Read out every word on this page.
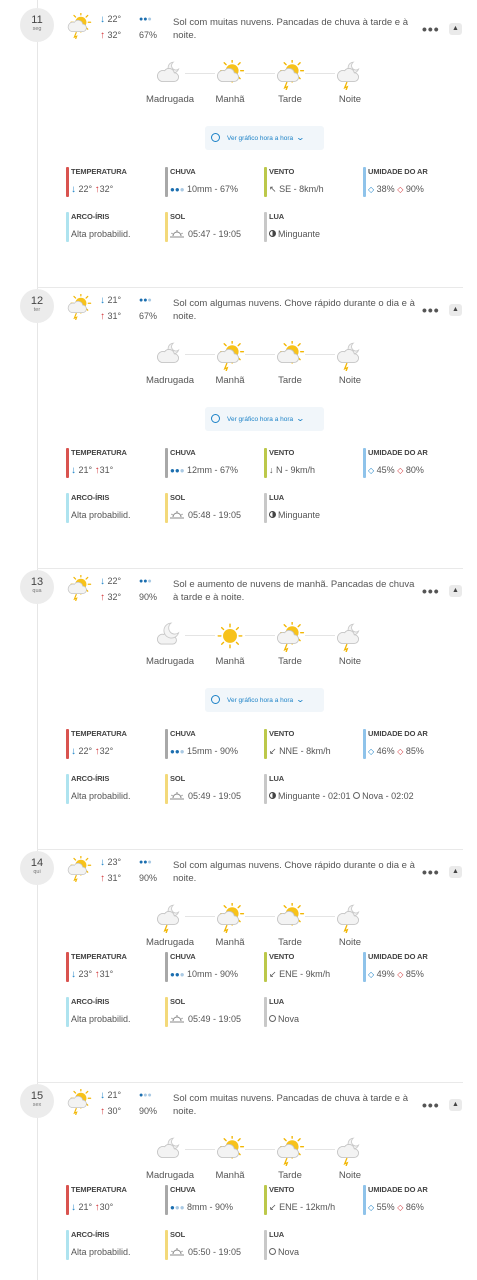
11
seg
↓ 22°
↑ 32°
●●●
67%
Sol com muitas nuvens. Pancadas de chuva à tarde e à noite.	•••	▲
Madrugada	Manhã	Tarde	Noite
Ver gráfico hora a hora ⌄
TEMPERATURA
↓ 22° ↑32°
CHUVA
●●● 10mm - 67%
VENTO
↖ SE - 8km/h
UMIDADE DO AR
◇ 38% ◇ 90%
ARCO-ÍRIS
Alta probabilid.
SOL
05:47 - 19:05
LUA
Minguante
12
ter
↓ 21°
↑ 31°
●●●
67%
Sol com algumas nuvens. Chove rápido durante o dia e à noite.	•••	▲
Madrugada	Manhã	Tarde	Noite
Ver gráfico hora a hora ⌄
TEMPERATURA
↓ 21° ↑31°
CHUVA
●●● 12mm - 67%
VENTO
↓ N - 9km/h
UMIDADE DO AR
◇ 45% ◇ 80%
ARCO-ÍRIS
Alta probabilid.
SOL
05:48 - 19:05
LUA
Minguante
13
qua
↓ 22°
↑ 32°
●●●
90%
Sol e aumento de nuvens de manhã. Pancadas de chuva à tarde e à noite.	•••	▲
Madrugada	Manhã	Tarde	Noite
Ver gráfico hora a hora ⌄
TEMPERATURA
↓ 22° ↑32°
CHUVA
●●● 15mm - 90%
VENTO
↙ NNE - 8km/h
UMIDADE DO AR
◇ 46% ◇ 85%
ARCO-ÍRIS
Alta probabilid.
SOL
05:49 - 19:05
LUA
Minguante - 02:01 Nova - 02:02
14
qui
↓ 23°
↑ 31°
●●●
90%
Sol com algumas nuvens. Chove rápido durante o dia e à noite.	•••	▲
Madrugada	Manhã	Tarde	Noite
TEMPERATURA
↓ 23° ↑31°
CHUVA
●●● 10mm - 90%
VENTO
↙ ENE - 9km/h
UMIDADE DO AR
◇ 49% ◇ 85%
ARCO-ÍRIS
Alta probabilid.
SOL
05:49 - 19:05
LUA
Nova
15
sex
↓ 21°
↑ 30°
●●●
90%
Sol com muitas nuvens. Pancadas de chuva à tarde e à noite.	•••	▲
Madrugada	Manhã	Tarde	Noite
TEMPERATURA
↓ 21° ↑30°
CHUVA
●●● 8mm - 90%
VENTO
↙ ENE - 12km/h
UMIDADE DO AR
◇ 55% ◇ 86%
ARCO-ÍRIS
Alta probabilid.
SOL
05:50 - 19:05
LUA
Nova
